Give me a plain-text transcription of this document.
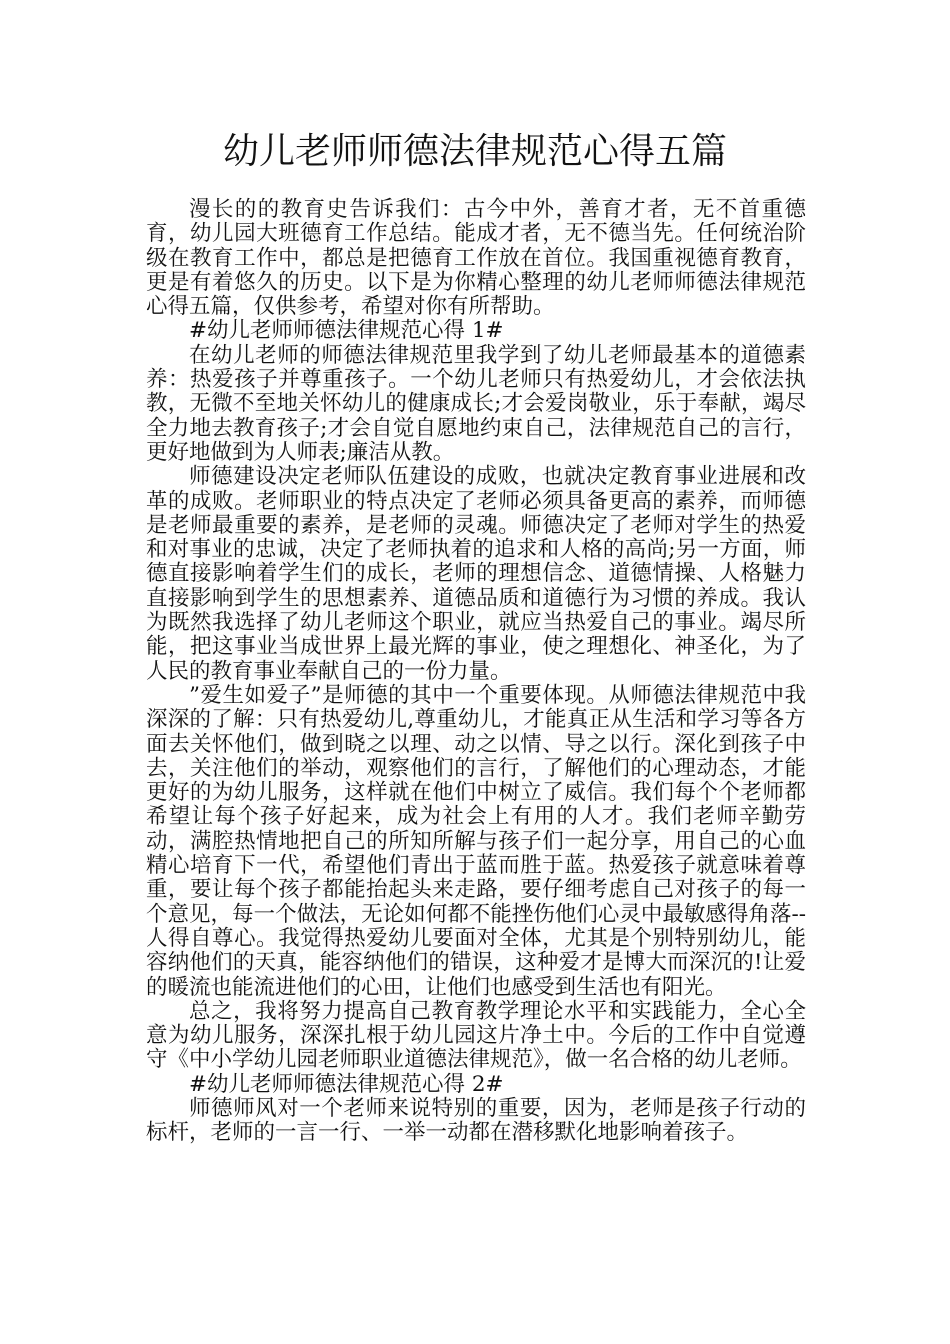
幼儿老师师德法律规范心得五篇

漫长的的教育史告诉我们：古今中外，善育才者，无不首重德育，幼儿园大班德育工作总结。能成才者，无不德当先。任何统治阶级在教育工作中，都总是把德育工作放在首位。我国重视德育教育，更是有着悠久的历史。以下是为你精心整理的幼儿老师师德法律规范心得五篇，仅供参考，希望对你有所帮助。

#幼儿老师师德法律规范心得 1#

在幼儿老师的师德法律规范里我学到了幼儿老师最基本的道德素养：热爱孩子并尊重孩子。一个幼儿老师只有热爱幼儿，才会依法执教，无微不至地关怀幼儿的健康成长;才会爱岗敬业，乐于奉献，竭尽全力地去教育孩子;才会自觉自愿地约束自己，法律规范自己的言行，更好地做到为人师表;廉洁从教。

师德建设决定老师队伍建设的成败，也就决定教育事业进展和改革的成败。老师职业的特点决定了老师必须具备更高的素养，而师德是老师最重要的素养，是老师的灵魂。师德决定了老师对学生的热爱和对事业的忠诚，决定了老师执着的追求和人格的高尚;另一方面，师德直接影响着学生们的成长，老师的理想信念、道德情操、人格魅力直接影响到学生的思想素养、道德品质和道德行为习惯的养成。我认为既然我选择了幼儿老师这个职业，就应当热爱自己的事业。竭尽所能，把这事业当成世界上最光辉的事业，使之理想化、神圣化，为了人民的教育事业奉献自己的一份力量。

”爱生如爱子”是师德的其中一个重要体现。从师德法律规范中我深深的了解：只有热爱幼儿,尊重幼儿，才能真正从生活和学习等各方面去关怀他们，做到晓之以理、动之以情、导之以行。深化到孩子中去，关注他们的举动，观察他们的言行，了解他们的心理动态，才能更好的为幼儿服务，这样就在他们中树立了威信。我们每个个老师都希望让每个孩子好起来，成为社会上有用的人才。我们老师辛勤劳动，满腔热情地把自己的所知所解与孩子们一起分享，用自己的心血精心培育下一代，希望他们青出于蓝而胜于蓝。热爱孩子就意味着尊重，要让每个孩子都能抬起头来走路，要仔细考虑自己对孩子的每一个意见，每一个做法，无论如何都不能挫伤他们心灵中最敏感得角落--人得自尊心。我觉得热爱幼儿要面对全体，尤其是个别特别幼儿，能容纳他们的天真，能容纳他们的错误，这种爱才是博大而深沉的!让爱的暖流也能流进他们的心田，让他们也感受到生活也有阳光。

总之，我将努力提高自己教育教学理论水平和实践能力，全心全意为幼儿服务，深深扎根于幼儿园这片净土中。今后的工作中自觉遵守《中小学幼儿园老师职业道德法律规范》，做一名合格的幼儿老师。

#幼儿老师师德法律规范心得 2#

师德师风对一个老师来说特别的重要，因为，老师是孩子行动的标杆，老师的一言一行、一举一动都在潜移默化地影响着孩子。
